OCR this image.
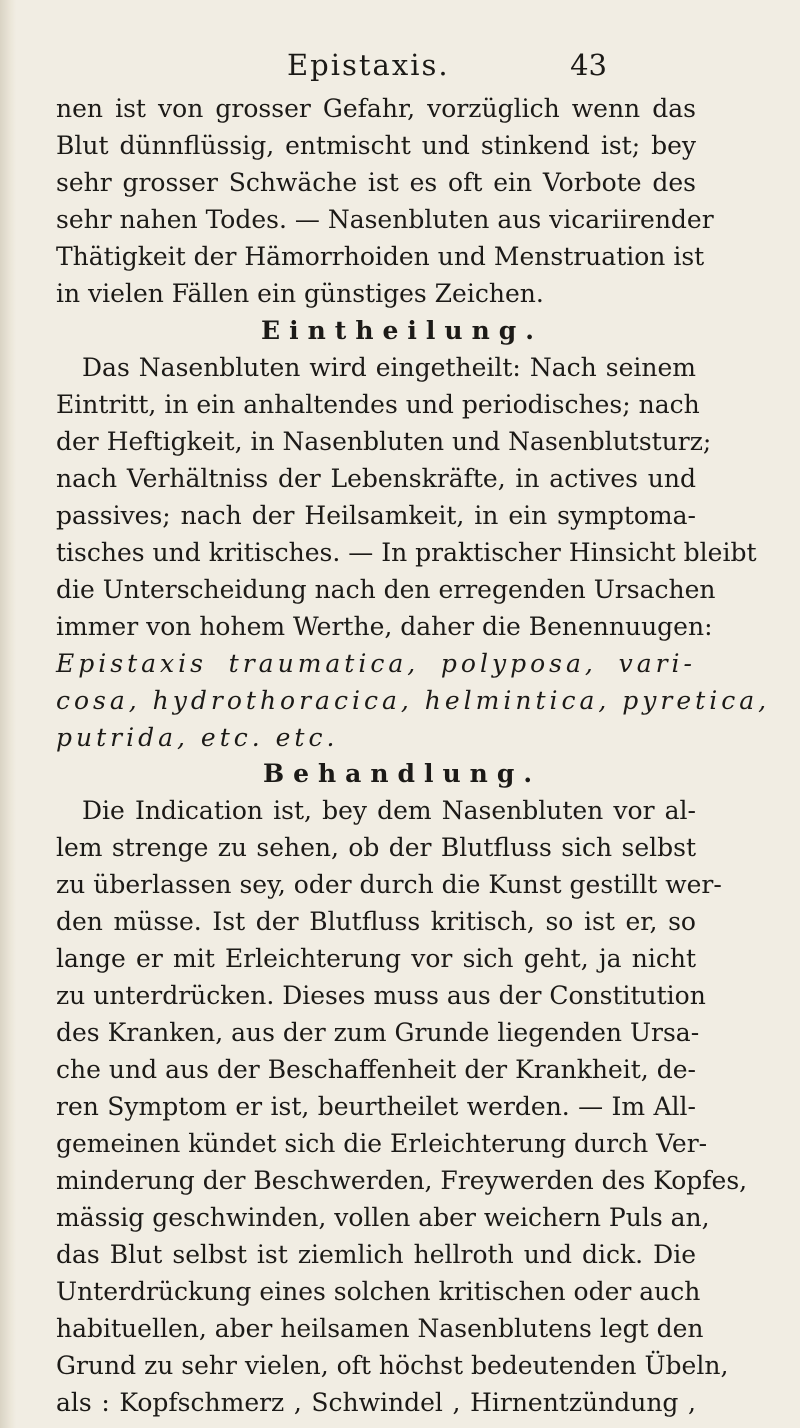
Epistaxis.	43
nen ist von grosser Gefahr, vorzüglich wenn das
Blut dünnflüssig, entmischt und stinkend ist; bey
sehr grosser Schwäche ist es oft ein Vorbote des
sehr nahen Todes. — Nasenbluten aus vicariirender
Thätigkeit der Hämorrhoiden und Menstruation ist
in vielen Fällen ein günstiges Zeichen.
Eintheilung.
Das Nasenbluten wird eingetheilt: Nach seinem
Eintritt, in ein anhaltendes und periodisches; nach
der Heftigkeit, in Nasenbluten und Nasenblutsturz;
nach Verhältniss der Lebenskräfte, in actives und
passives; nach der Heilsamkeit, in ein symptoma-
tisches und kritisches. — In praktischer Hinsicht bleibt
die Unterscheidung nach den erregenden Ursachen
immer von hohem Werthe, daher die Benennuugen:
Epistaxis traumatica, polyposa, vari-
cosa, hydrothoracica, helmintica, pyretica,
putrida, etc. etc.
Behandlung.
Die Indication ist, bey dem Nasenbluten vor al-
lem strenge zu sehen, ob der Blutfluss sich selbst
zu überlassen sey, oder durch die Kunst gestillt wer-
den müsse. Ist der Blutfluss kritisch, so ist er, so
lange er mit Erleichterung vor sich geht, ja nicht
zu unterdrücken. Dieses muss aus der Constitution
des Kranken, aus der zum Grunde liegenden Ursa-
che und aus der Beschaffenheit der Krankheit, de-
ren Symptom er ist, beurtheilet werden. — Im All-
gemeinen kündet sich die Erleichterung durch Ver-
minderung der Beschwerden, Freywerden des Kopfes,
mässig geschwinden, vollen aber weichern Puls an,
das Blut selbst ist ziemlich hellroth und dick. Die
Unterdrückung eines solchen kritischen oder auch
habituellen, aber heilsamen Nasenblutens legt den
Grund zu sehr vielen, oft höchst bedeutenden Übeln,
als : Kopfschmerz , Schwindel , Hirnentzündung ,
